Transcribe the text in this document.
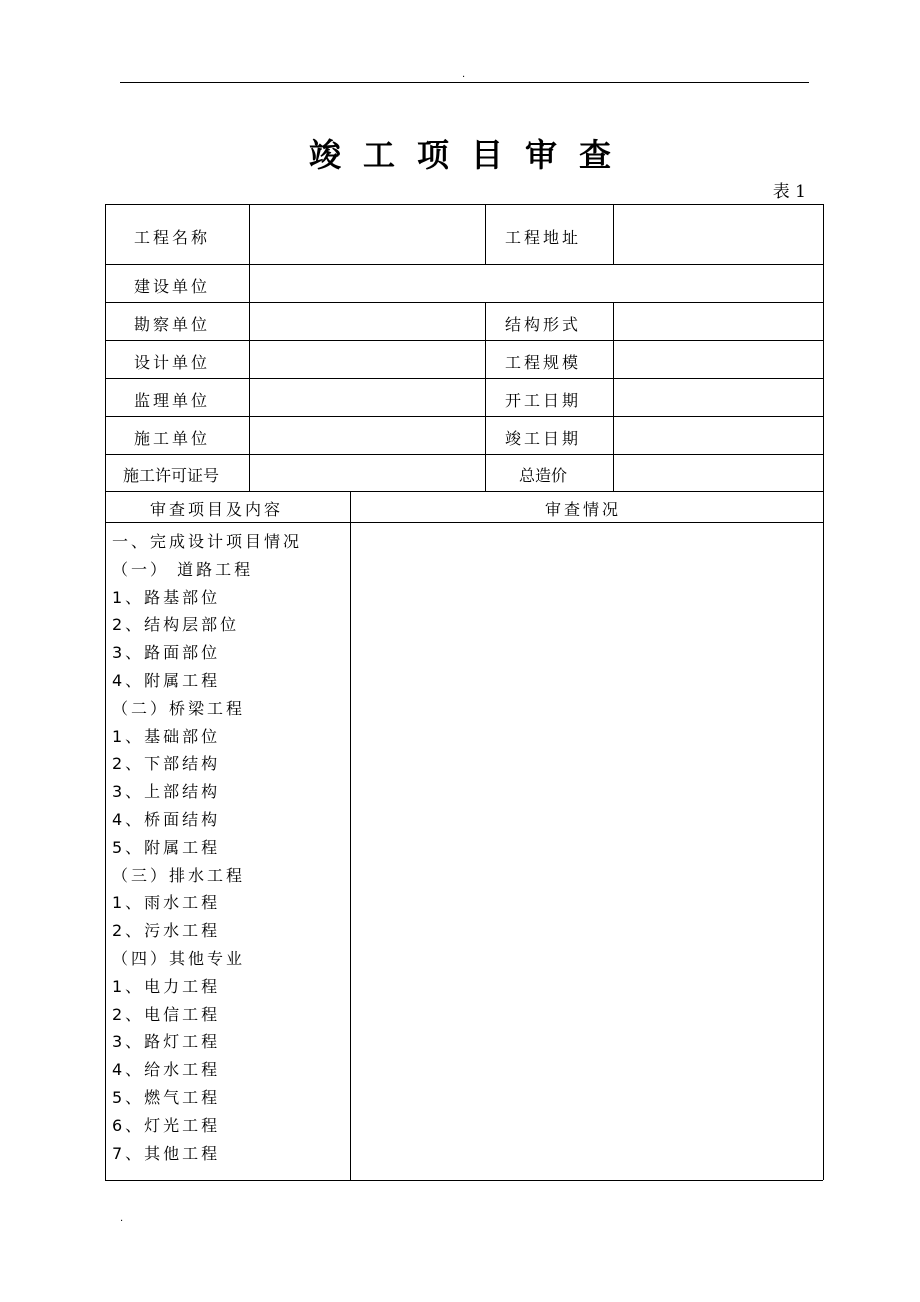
.
竣工项目审查
表 1
工程名称	工程地址
建设单位
勘察单位	结构形式
设计单位	工程规模
监理单位	开工日期
施工单位	竣工日期
施工许可证号	总造价
审查项目及内容	审查情况
一、完成设计项目情况
（一） 道路工程
1、路基部位
2、结构层部位
3、路面部位
4、附属工程
（二）桥梁工程
1、基础部位
2、下部结构
3、上部结构
4、桥面结构
5、附属工程
（三）排水工程
1、雨水工程
2、污水工程
（四）其他专业
1、电力工程
2、电信工程
3、路灯工程
4、给水工程
5、燃气工程
6、灯光工程
7、其他工程
.
